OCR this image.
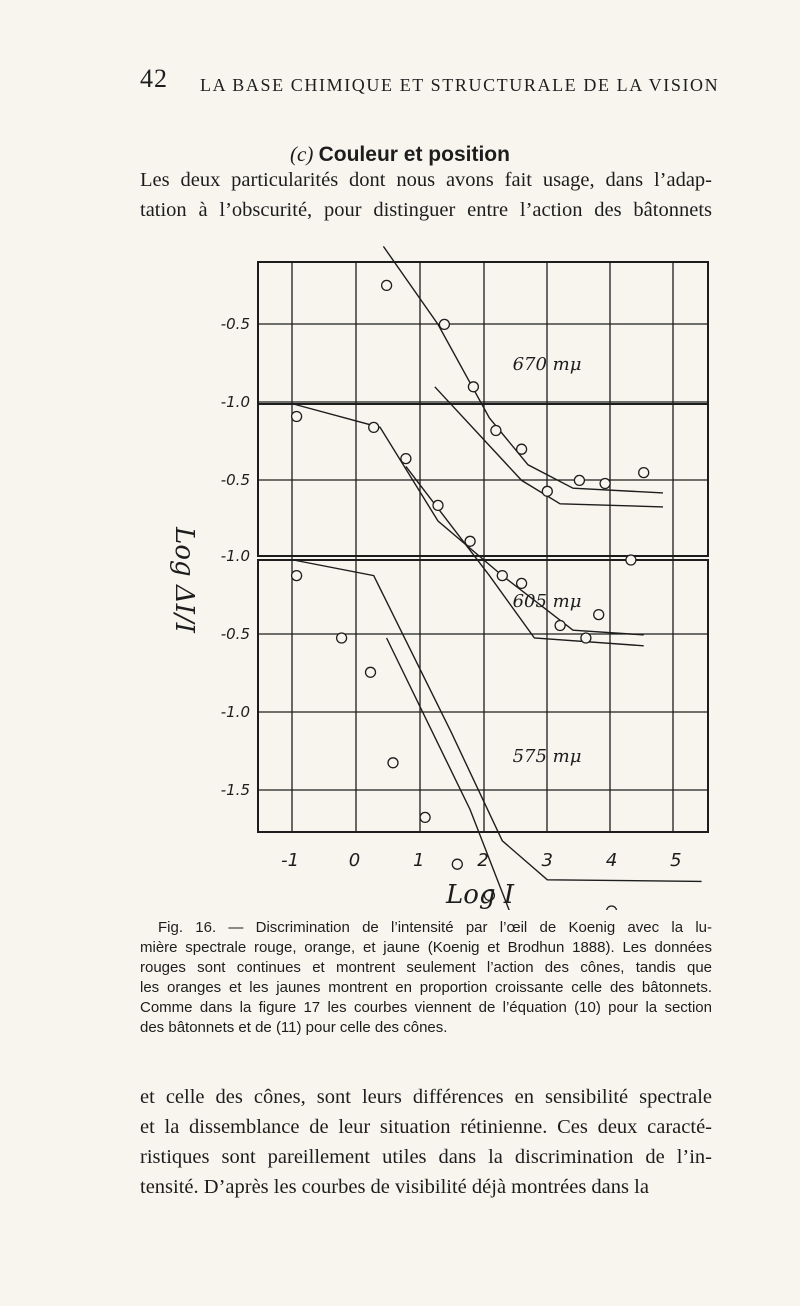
42 LA BASE CHIMIQUE ET STRUCTURALE DE LA VISION
(c) Couleur et position
Les deux particularités dont nous avons fait usage, dans l’adap-
tation à l’obscurité, pour distinguer entre l’action des bâtonnets
-0.5
-1.0
-0.5
-1.0
-0.5
-1.0
-1.5
-1	0	1	2	3	4	5
Log I
Log ΔI/I
670 mμ
605 mμ
575 mμ
Fig. 16. — Discrimination de l’intensité par l’œil de Koenig avec la lu-
mière spectrale rouge, orange, et jaune (Koenig et Brodhun 1888). Les données
rouges sont continues et montrent seulement l’action des cônes, tandis que
les oranges et les jaunes montrent en proportion croissante celle des bâtonnets.
Comme dans la figure 17 les courbes viennent de l’équation (10) pour la section
des bâtonnets et de (11) pour celle des cônes.
et celle des cônes, sont leurs différences en sensibilité spectrale
et la dissemblance de leur situation rétinienne. Ces deux caracté-
ristiques sont pareillement utiles dans la discrimination de l’in-
tensité. D’après les courbes de visibilité déjà montrées dans la
